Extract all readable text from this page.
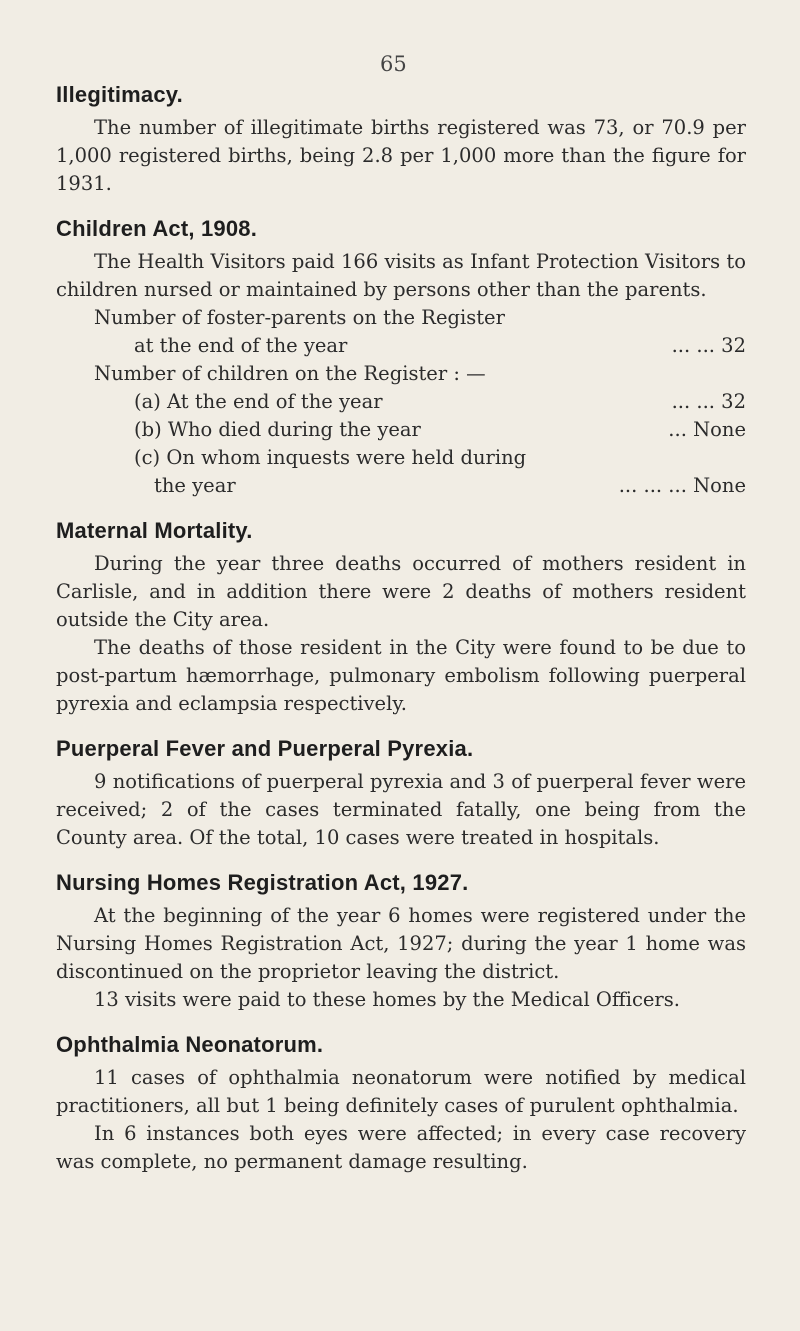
65
Illegitimacy.

The number of illegitimate births registered was 73, or 70.9 per 1,000 registered births, being 2.8 per 1,000 more than the figure for 1931.

Children Act, 1908.

The Health Visitors paid 166 visits as Infant Protection Visitors to children nursed or maintained by persons other than the parents.

Number of foster-parents on the Register
at the end of the year	... ... 32
Number of children on the Register : —
(a) At the end of the year	... ... 32
(b) Who died during the year	... None
(c) On whom inquests were held during
the year	... ... ... None
Maternal Mortality.

During the year three deaths occurred of mothers resident in Carlisle, and in addition there were 2 deaths of mothers resident outside the City area.

The deaths of those resident in the City were found to be due to post-partum hæmorrhage, pulmonary embolism following puerperal pyrexia and eclampsia respectively.

Puerperal Fever and Puerperal Pyrexia.

9 notifications of puerperal pyrexia and 3 of puerperal fever were received; 2 of the cases terminated fatally, one being from the County area. Of the total, 10 cases were treated in hospitals.

Nursing Homes Registration Act, 1927.

At the beginning of the year 6 homes were registered under the Nursing Homes Registration Act, 1927; during the year 1 home was discontinued on the proprietor leaving the district.

13 visits were paid to these homes by the Medical Officers.

Ophthalmia Neonatorum.

11 cases of ophthalmia neonatorum were notified by medical practitioners, all but 1 being definitely cases of purulent ophthalmia.

In 6 instances both eyes were affected; in every case recovery was complete, no permanent damage resulting.
